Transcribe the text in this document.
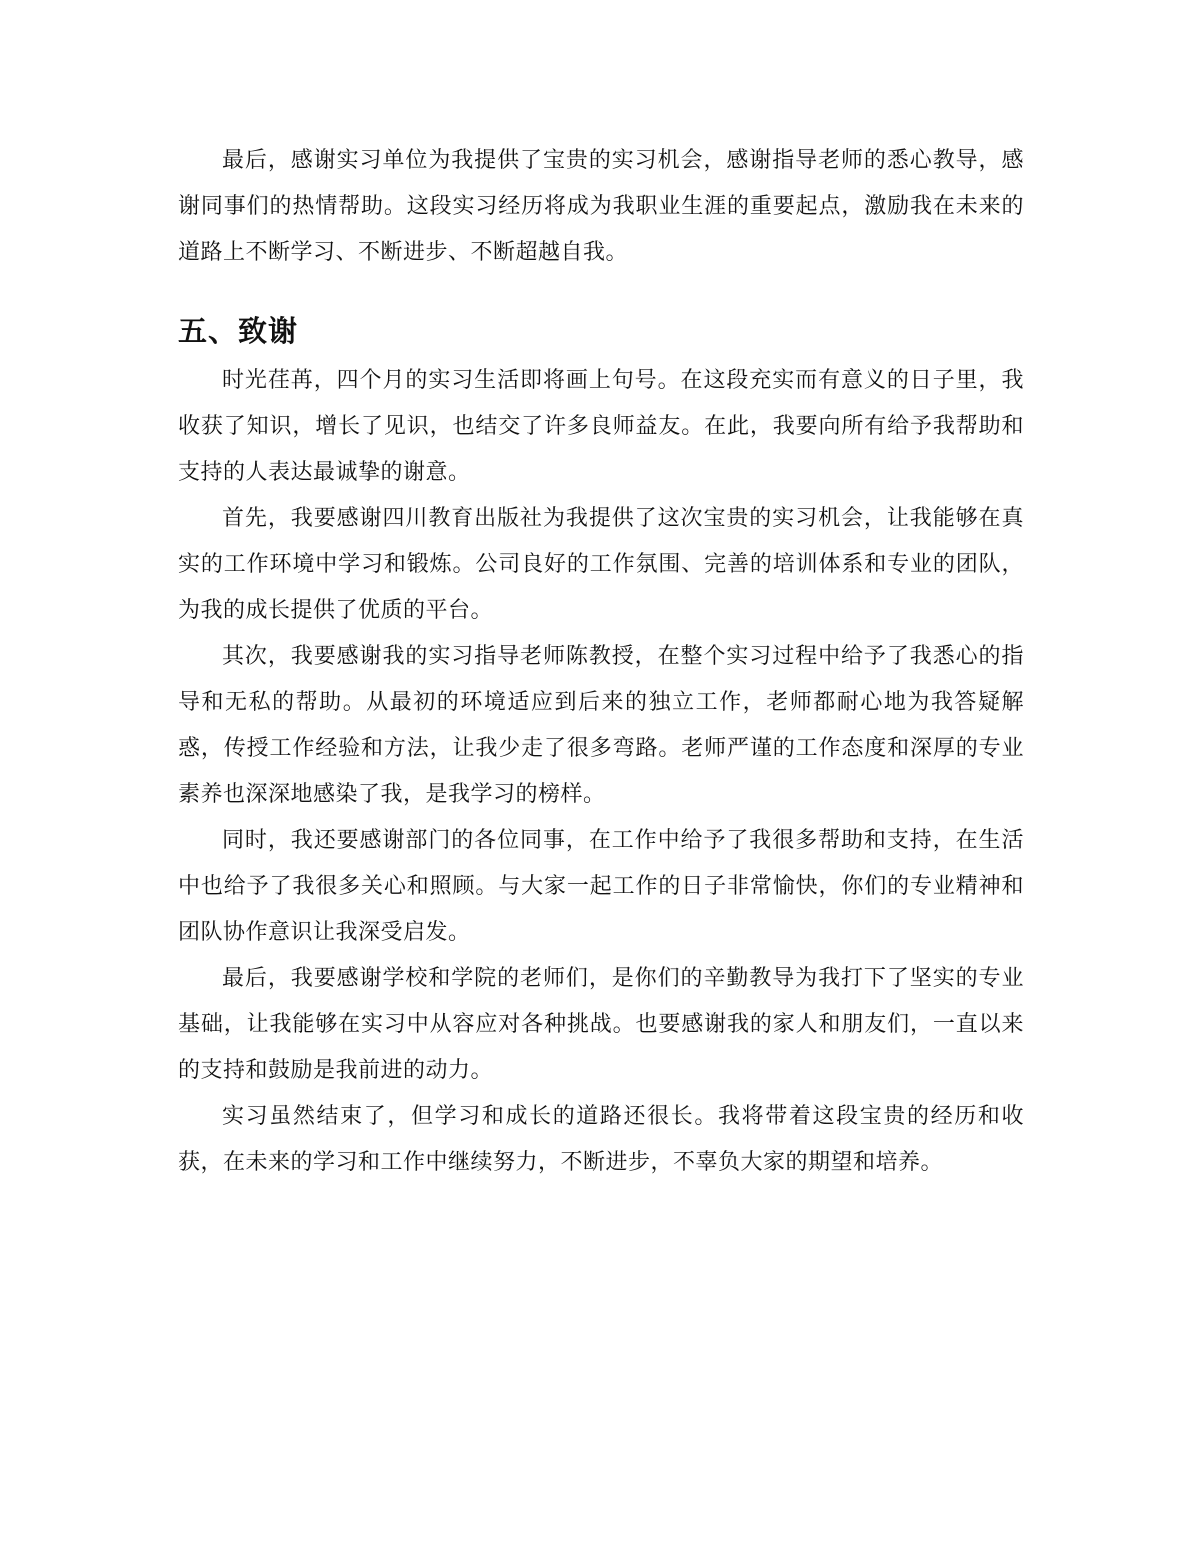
最后，感谢实习单位为我提供了宝贵的实习机会，感谢指导老师的悉心教导，感谢同事们的热情帮助。这段实习经历将成为我职业生涯的重要起点，激励我在未来的道路上不断学习、不断进步、不断超越自我。

五、致谢

时光荏苒，四个月的实习生活即将画上句号。在这段充实而有意义的日子里，我收获了知识，增长了见识，也结交了许多良师益友。在此，我要向所有给予我帮助和支持的人表达最诚挚的谢意。

首先，我要感谢四川教育出版社为我提供了这次宝贵的实习机会，让我能够在真实的工作环境中学习和锻炼。公司良好的工作氛围、完善的培训体系和专业的团队，为我的成长提供了优质的平台。

其次，我要感谢我的实习指导老师陈教授，在整个实习过程中给予了我悉心的指导和无私的帮助。从最初的环境适应到后来的独立工作，老师都耐心地为我答疑解惑，传授工作经验和方法，让我少走了很多弯路。老师严谨的工作态度和深厚的专业素养也深深地感染了我，是我学习的榜样。

同时，我还要感谢部门的各位同事，在工作中给予了我很多帮助和支持，在生活中也给予了我很多关心和照顾。与大家一起工作的日子非常愉快，你们的专业精神和团队协作意识让我深受启发。

最后，我要感谢学校和学院的老师们，是你们的辛勤教导为我打下了坚实的专业基础，让我能够在实习中从容应对各种挑战。也要感谢我的家人和朋友们，一直以来的支持和鼓励是我前进的动力。

实习虽然结束了，但学习和成长的道路还很长。我将带着这段宝贵的经历和收获，在未来的学习和工作中继续努力，不断进步，不辜负大家的期望和培养。
